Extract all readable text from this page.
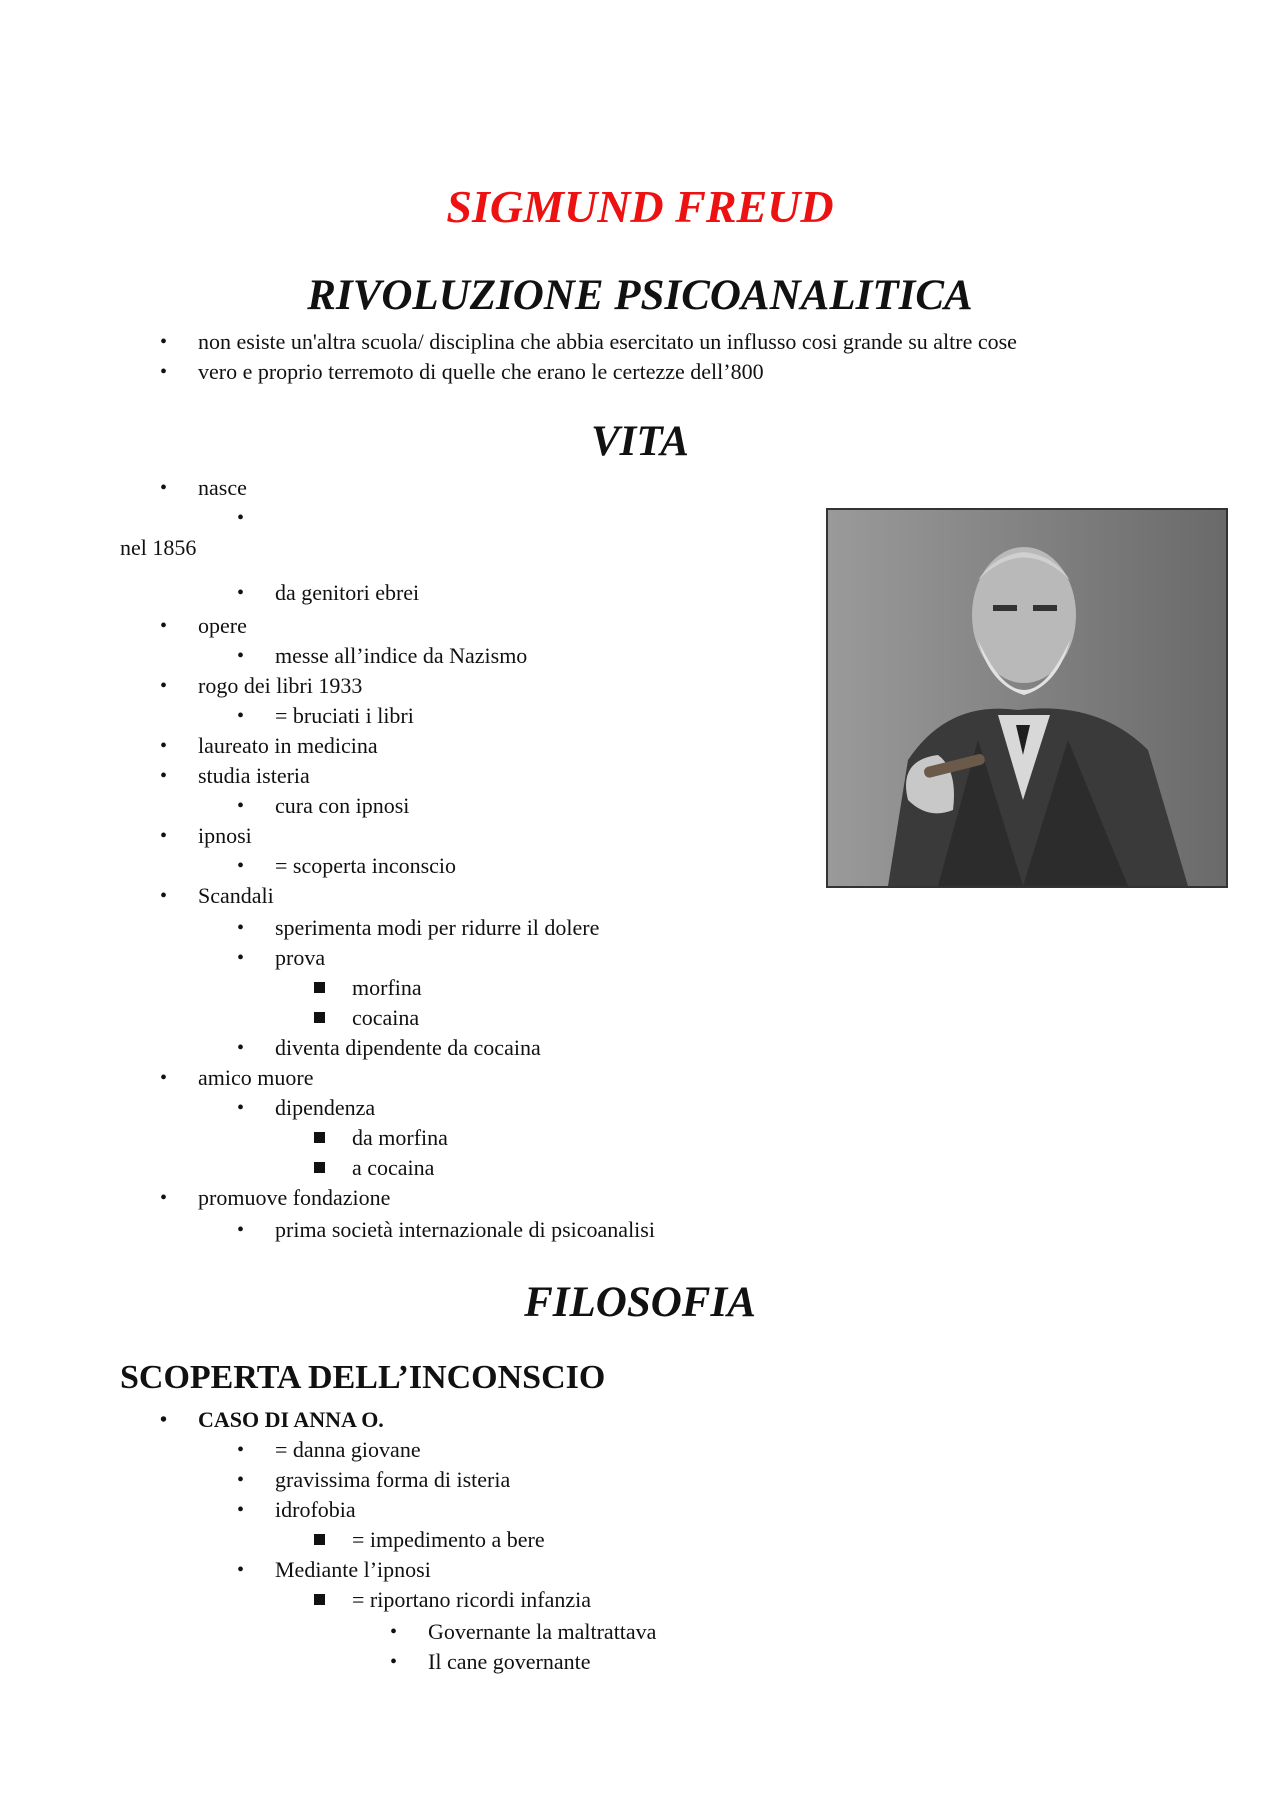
SIGMUND FREUD
RIVOLUZIONE PSICOANALITICA
• non esiste un'altra scuola/ disciplina che abbia esercitato un influsso cosi grande su altre cose
• vero e proprio terremoto di quelle che erano le certezze dell’800
VITA
• nasce
•
nel 1856
• da genitori ebrei
• opere
• messe all’indice da Nazismo
• rogo dei libri 1933
• = bruciati i libri
• laureato in medicina
• studia isteria
• cura con ipnosi
• ipnosi
• = scoperta inconscio
• Scandali
• sperimenta modi per ridurre il dolere
• prova
morfina
cocaina
• diventa dipendente da cocaina
• amico muore
• dipendenza
da morfina
a cocaina
• promuove fondazione
• prima società internazionale di psicoanalisi
FILOSOFIA
SCOPERTA DELL’INCONSCIO
• CASO DI ANNA O.
• = danna giovane
• gravissima forma di isteria
• idrofobia
= impedimento a bere
• Mediante l’ipnosi
= riportano ricordi infanzia
• Governante la maltrattava
• Il cane governante
